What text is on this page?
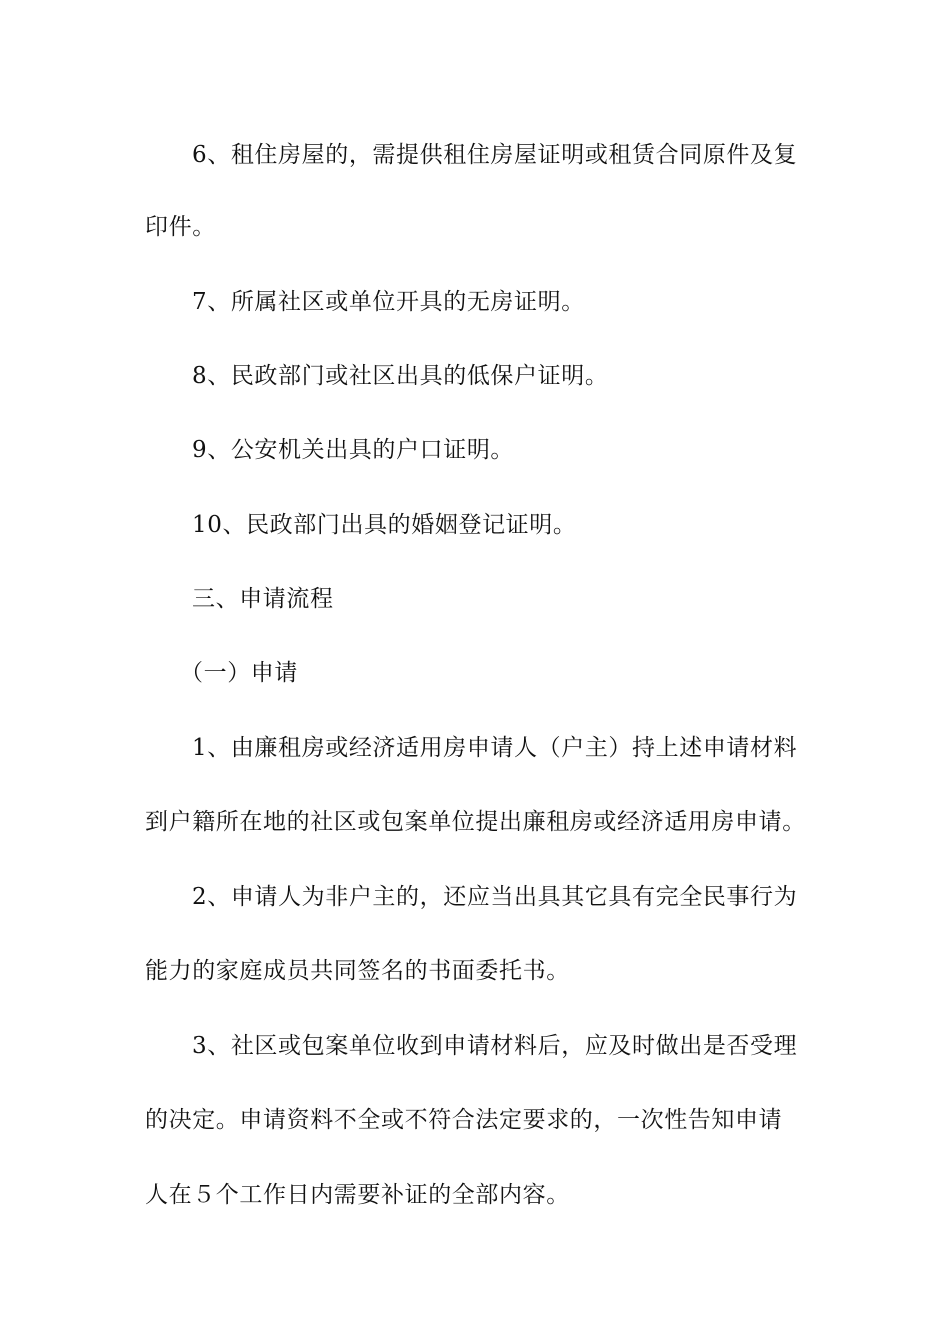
6、租住房屋的，需提供租住房屋证明或租赁合同原件及复
印件。
7、所属社区或单位开具的无房证明。
8、民政部门或社区出具的低保户证明。
9、公安机关出具的户口证明。
10、民政部门出具的婚姻登记证明。
三、申请流程
（一）申请
1、由廉租房或经济适用房申请人（户主）持上述申请材料
到户籍所在地的社区或包案单位提出廉租房或经济适用房申请。
2、申请人为非户主的，还应当出具其它具有完全民事行为
能力的家庭成员共同签名的书面委托书。
3、社区或包案单位收到申请材料后，应及时做出是否受理
的决定。申请资料不全或不符合法定要求的，一次性告知申请
人在５个工作日内需要补证的全部内容。
